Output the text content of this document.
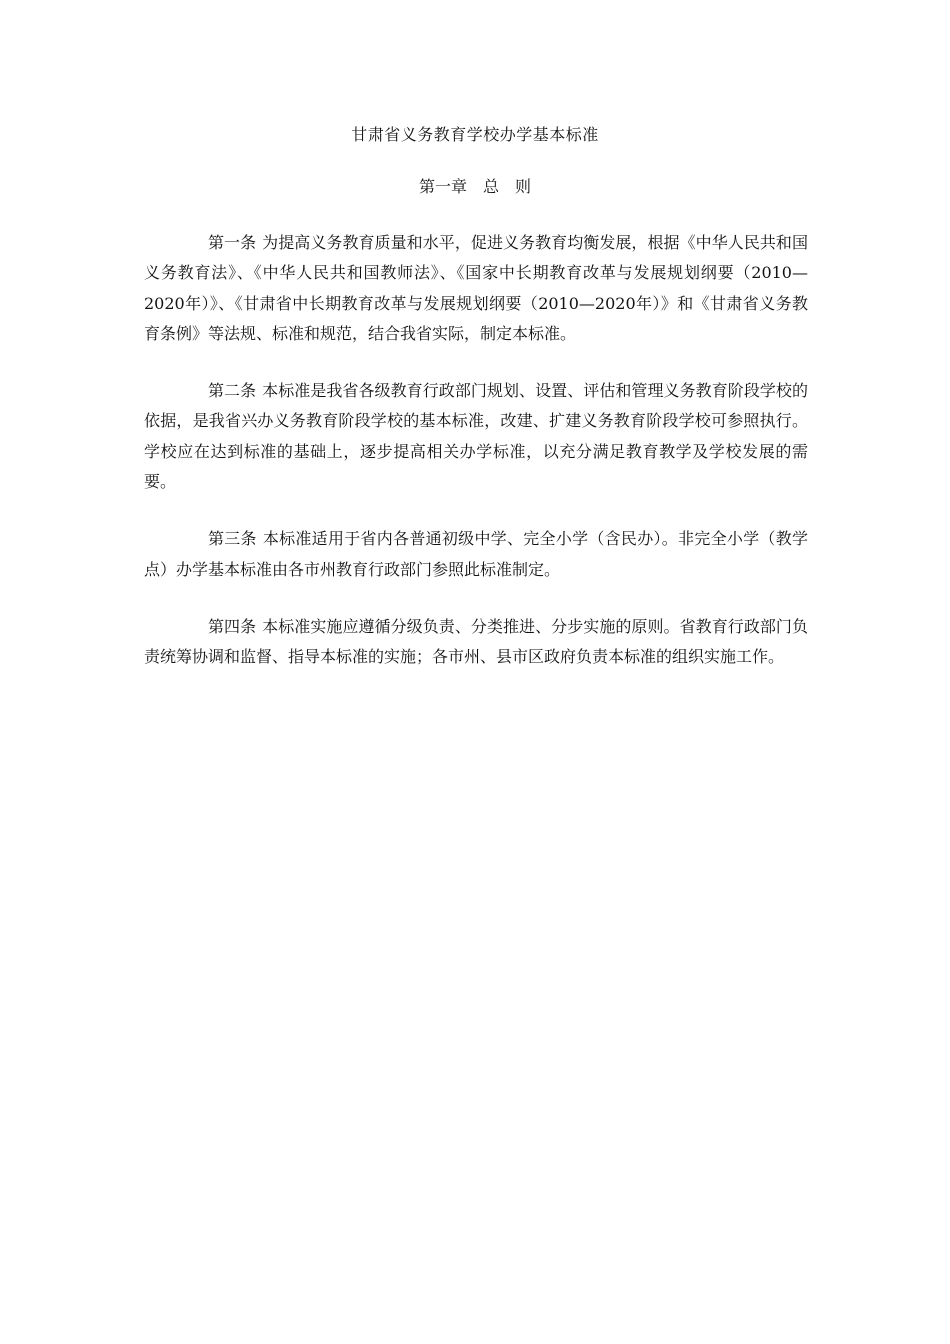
甘肃省义务教育学校办学基本标准
第一章　总　则

第一条 为提高义务教育质量和水平，促进义务教育均衡发展，根据《中华人民共和国义务教育法》、《中华人民共和国教师法》、《国家中长期教育改革与发展规划纲要（2010—2020年）》、《甘肃省中长期教育改革与发展规划纲要（2010—2020年）》和《甘肃省义务教育条例》等法规、标准和规范，结合我省实际，制定本标准。

第二条 本标准是我省各级教育行政部门规划、设置、评估和管理义务教育阶段学校的依据，是我省兴办义务教育阶段学校的基本标准，改建、扩建义务教育阶段学校可参照执行。学校应在达到标准的基础上，逐步提高相关办学标准，以充分满足教育教学及学校发展的需要。

第三条 本标准适用于省内各普通初级中学、完全小学（含民办）。非完全小学（教学点）办学基本标准由各市州教育行政部门参照此标准制定。

第四条 本标准实施应遵循分级负责、分类推进、分步实施的原则。省教育行政部门负责统筹协调和监督、指导本标准的实施；各市州、县市区政府负责本标准的组织实施工作。
